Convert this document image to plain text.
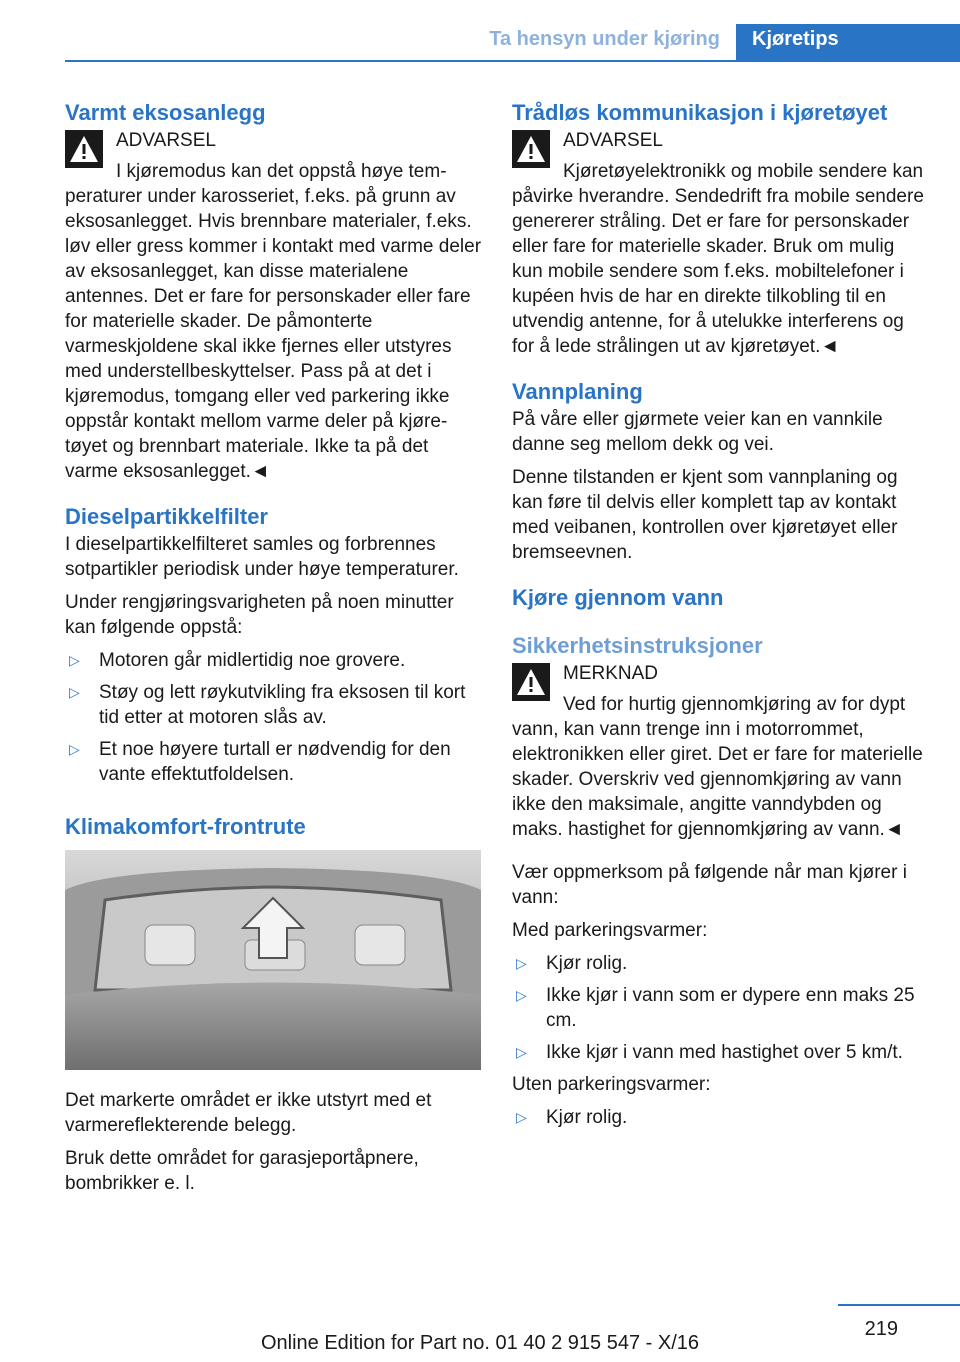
Ta hensyn under kjøring	Kjøretips
Varmt eksosanlegg
ADVARSEL

I kjøremodus kan det oppstå høye temperaturer under karosseriet, f.eks. på grunn av eksosanlegget. Hvis brennbare materialer, f.eks. løv eller gress kommer i kontakt med varme deler av eksosanlegget, kan disse materialene antennes. Det er fare for personskader eller fare for materielle skader. De påmonterte varmeskjoldene skal ikke fjernes eller utstyres med understellbeskyttelser. Pass på at det i kjøremodus, tomgang eller ved parkering ikke oppstår kontakt mellom varme deler på kjøretøyet og brennbart materiale. Ikke ta på det varme eksosanlegget.◄

Dieselpartikkelfilter

I dieselpartikkelfilteret samles og forbrennes sotpartikler periodisk under høye temperaturer.

Under rengjøringsvarigheten på noen minutter kan følgende oppstå:

▷ Motoren går midlertidig noe grovere.
▷ Støy og lett røykutvikling fra eksosen til kort tid etter at motoren slås av.
▷ Et noe høyere turtall er nødvendig for den vante effektutfoldelsen.
Klimakomfort-frontrute

Det markerte området er ikke utstyrt med et varmereflekterende belegg.

Bruk dette området for garasjeportåpnere, bombrikker e. l.

Trådløs kommunikasjon i kjøretøyet
ADVARSEL

Kjøretøyelektronikk og mobile sendere kan påvirke hverandre. Sendedrift fra mobile sendere genererer stråling. Det er fare for personskader eller fare for materielle skader. Bruk om mulig kun mobile sendere som f.eks. mobiltelefoner i kupéen hvis de har en direkte tilkobling til en utvendig antenne, for å utelukke interferens og for å lede strålingen ut av kjøretøyet.◄

Vannplaning

På våre eller gjørmete veier kan en vannkile danne seg mellom dekk og vei.

Denne tilstanden er kjent som vannplaning og kan føre til delvis eller komplett tap av kontakt med veibanen, kontrollen over kjøretøyet eller bremseevnen.

Kjøre gjennom vann
Sikkerhetsinstruksjoner
MERKNAD

Ved for hurtig gjennomkjøring av for dypt vann, kan vann trenge inn i motorrommet, elektronikken eller giret. Det er fare for materielle skader. Overskriv ved gjennomkjøring av vann ikke den maksimale, angitte vanndybden og maks. hastighet for gjennomkjøring av vann.◄

Vær oppmerksom på følgende når man kjører i vann:

Med parkeringsvarmer:

▷ Kjør rolig.
▷ Ikke kjør i vann som er dypere enn maks 25 cm.
▷ Ikke kjør i vann med hastighet over 5 km/t.

Uten parkeringsvarmer:

▷ Kjør rolig.
219
Online Edition for Part no. 01 40 2 915 547 - X/16
